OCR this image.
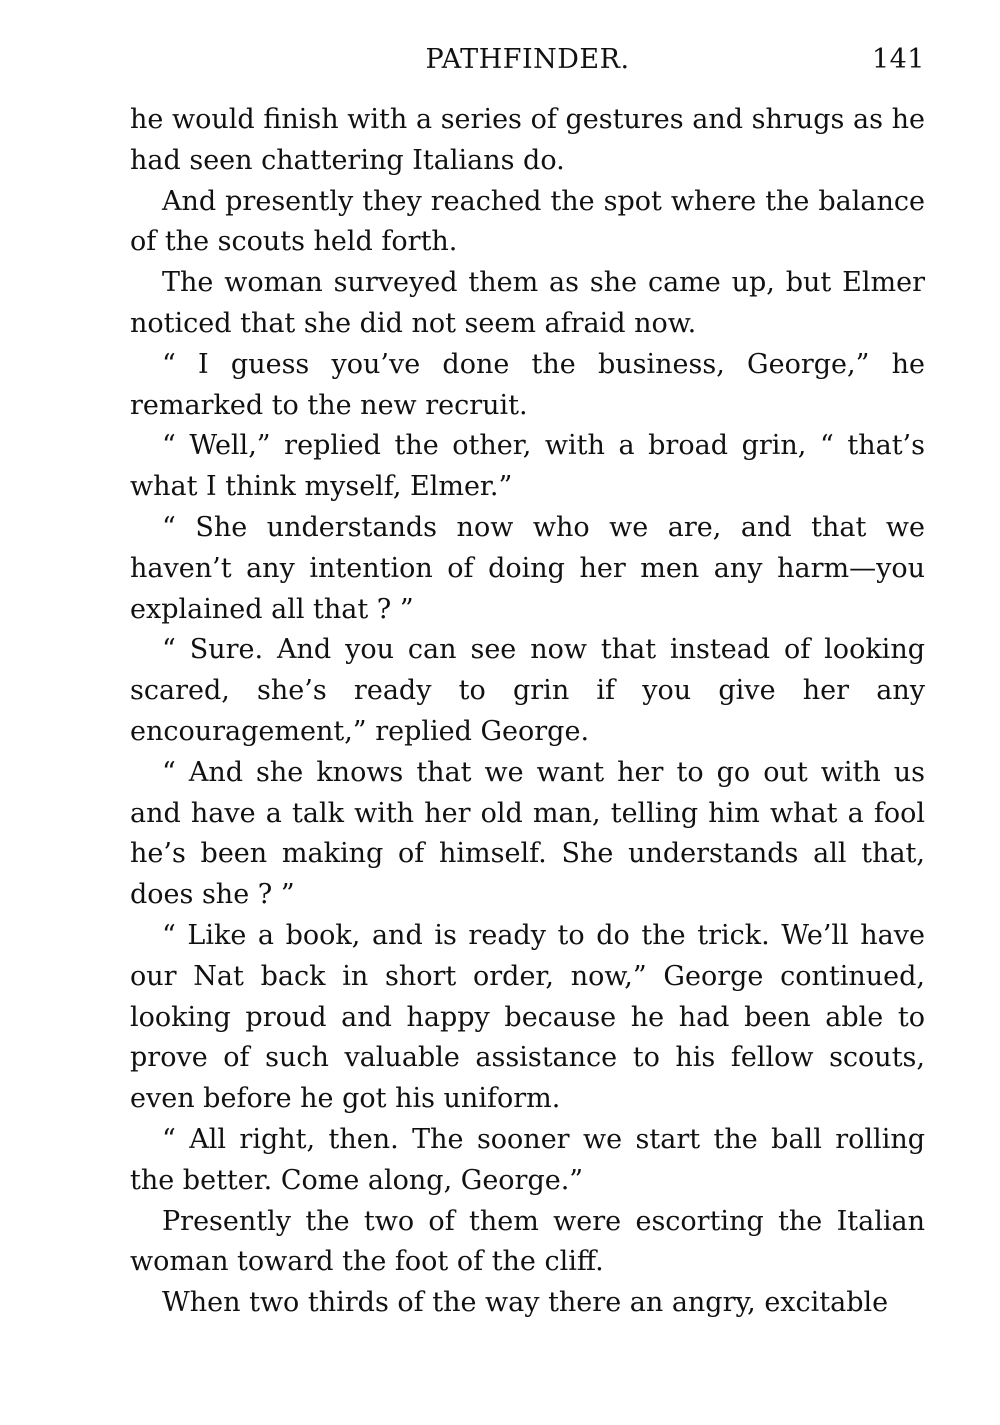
PATHFINDER.	141

he would finish with a series of gestures and shrugs as he had seen chattering Italians do.

And presently they reached the spot where the balance of the scouts held forth.

The woman surveyed them as she came up, but Elmer noticed that she did not seem afraid now.

“ I guess you’ve done the business, George,” he remarked to the new recruit.

“ Well,” replied the other, with a broad grin, “ that’s what I think myself, Elmer.”

“ She understands now who we are, and that we haven’t any intention of doing her men any harm—you explained all that ? ”

“ Sure. And you can see now that instead of looking scared, she’s ready to grin if you give her any encouragement,” replied George.

“ And she knows that we want her to go out with us and have a talk with her old man, telling him what a fool he’s been making of himself. She understands all that, does she ? ”

“ Like a book, and is ready to do the trick. We’ll have our Nat back in short order, now,” George continued, looking proud and happy because he had been able to prove of such valuable assistance to his fellow scouts, even before he got his uniform.

“ All right, then. The sooner we start the ball rolling the better. Come along, George.”

Presently the two of them were escorting the Italian woman toward the foot of the cliff.

When two thirds of the way there an angry, excitable
